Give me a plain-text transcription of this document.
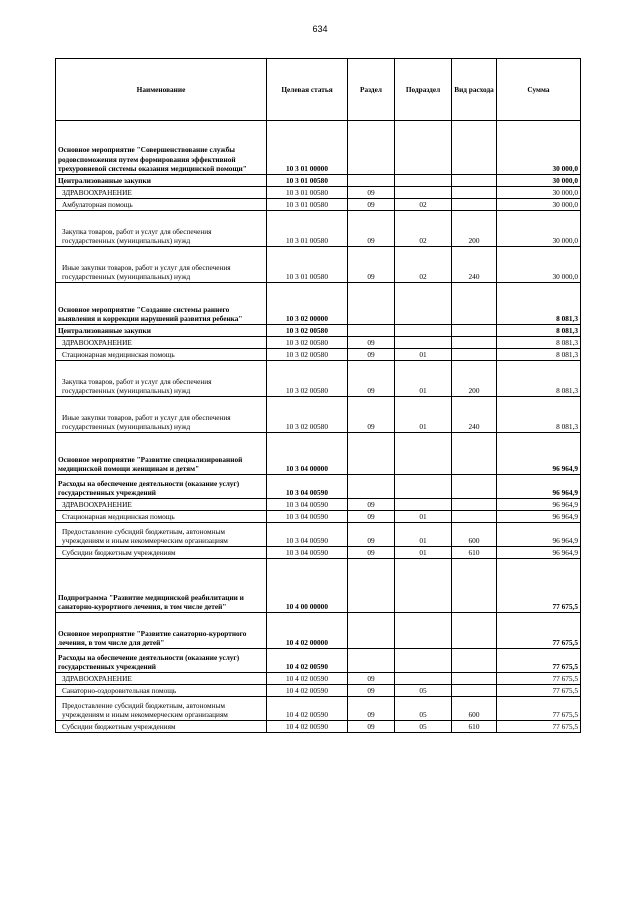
634
Наименование	Целевая статья	Раздел	Подраздел	Вид расхода	Сумма
Основное мероприятие "Совершенствование службы родовспоможения путем формирования эффективной трехуровневой системы оказания медицинской помощи"	10 3 01 00000				30 000,0
Централизованные закупки	10 3 01 00580				30 000,0
ЗДРАВООХРАНЕНИЕ	10 3 01 00580	09			30 000,0
Амбулаторная помощь	10 3 01 00580	09	02		30 000,0
Закупка товаров, работ и услуг для обеспечения государственных (муниципальных) нужд	10 3 01 00580	09	02	200	30 000,0
Иные закупки товаров, работ и услуг для обеспечения государственных (муниципальных) нужд	10 3 01 00580	09	02	240	30 000,0
Основное мероприятие "Создание системы раннего выявления и коррекции нарушений развития ребенка"	10 3 02 00000				8 081,3
Централизованные закупки	10 3 02 00580				8 081,3
ЗДРАВООХРАНЕНИЕ	10 3 02 00580	09			8 081,3
Стационарная медицинская помощь	10 3 02 00580	09	01		8 081,3
Закупка товаров, работ и услуг для обеспечения государственных (муниципальных) нужд	10 3 02 00580	09	01	200	8 081,3
Иные закупки товаров, работ и услуг для обеспечения государственных (муниципальных) нужд	10 3 02 00580	09	01	240	8 081,3
Основное мероприятие "Развитие специализированной медицинской помощи женщинам и детям"	10 3 04 00000				96 964,9
Расходы на обеспечение деятельности (оказание услуг) государственных учреждений	10 3 04 00590				96 964,9
ЗДРАВООХРАНЕНИЕ	10 3 04 00590	09			96 964,9
Стационарная медицинская помощь	10 3 04 00590	09	01		96 964,9
Предоставление субсидий бюджетным, автономным учреждениям и иным некоммерческим организациям	10 3 04 00590	09	01	600	96 964,9
Субсидии бюджетным учреждениям	10 3 04 00590	09	01	610	96 964,9
Подпрограмма "Развитие медицинской реабилитации и санаторно-курортного лечения, в том числе детей"	10 4 00 00000				77 675,5
Основное мероприятие "Развитие санаторно-курортного лечения, в том числе для детей"	10 4 02 00000				77 675,5
Расходы на обеспечение деятельности (оказание услуг) государственных учреждений	10 4 02 00590				77 675,5
ЗДРАВООХРАНЕНИЕ	10 4 02 00590	09			77 675,5
Санаторно-оздоровительная помощь	10 4 02 00590	09	05		77 675,5
Предоставление субсидий бюджетным, автономным учреждениям и иным некоммерческим организациям	10 4 02 00590	09	05	600	77 675,5
Субсидии бюджетным учреждениям	10 4 02 00590	09	05	610	77 675,5
